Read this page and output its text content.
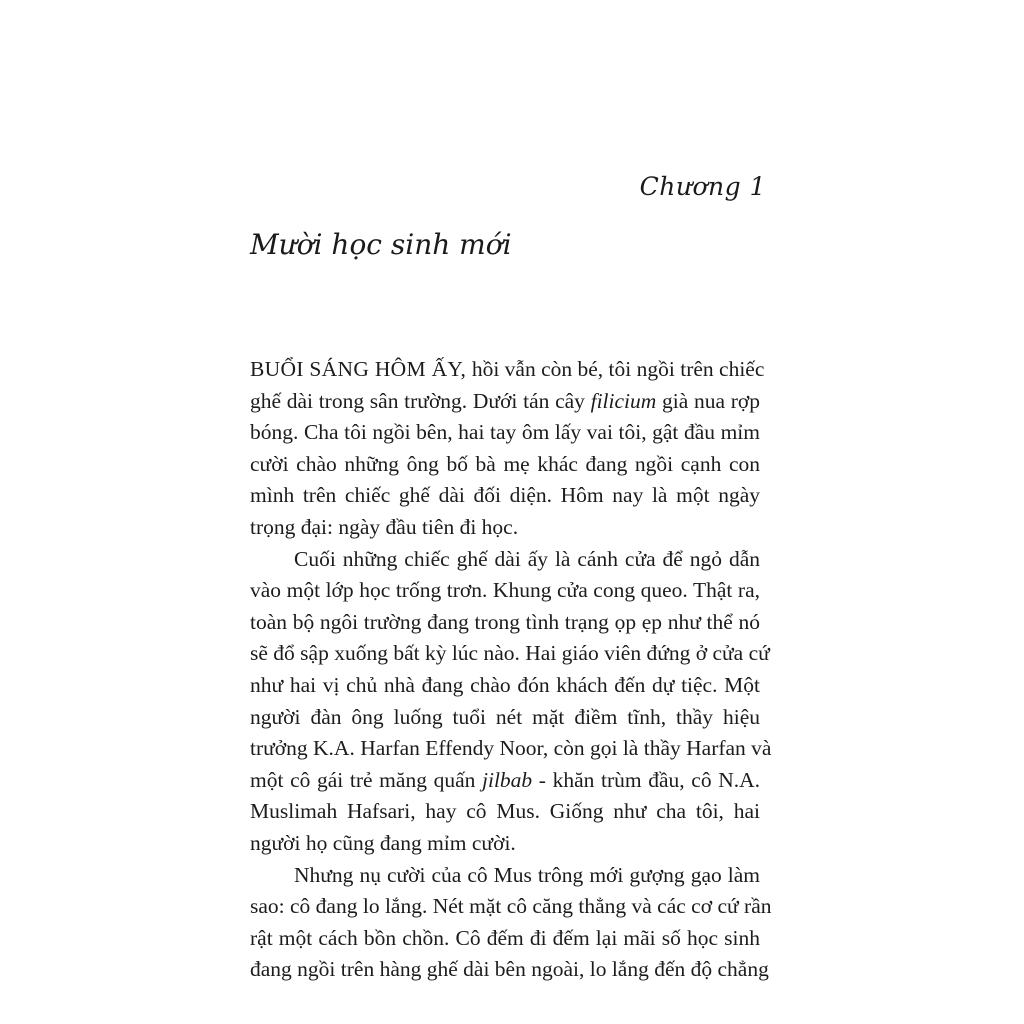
Chương 1
Mười học sinh mới
BUỔI SÁNG HÔM ẤY, hồi vẫn còn bé, tôi ngồi trên chiếc
ghế dài trong sân trường. Dưới tán cây filicium già nua rợp
bóng. Cha tôi ngồi bên, hai tay ôm lấy vai tôi, gật đầu mỉm
cười chào những ông bố bà mẹ khác đang ngồi cạnh con
mình trên chiếc ghế dài đối diện. Hôm nay là một ngày
trọng đại: ngày đầu tiên đi học.
Cuối những chiếc ghế dài ấy là cánh cửa để ngỏ dẫn
vào một lớp học trống trơn. Khung cửa cong queo. Thật ra,
toàn bộ ngôi trường đang trong tình trạng ọp ẹp như thể nó
sẽ đổ sập xuống bất kỳ lúc nào. Hai giáo viên đứng ở cửa cứ
như hai vị chủ nhà đang chào đón khách đến dự tiệc. Một
người đàn ông luống tuổi nét mặt điềm tĩnh, thầy hiệu
trưởng K.A. Harfan Effendy Noor, còn gọi là thầy Harfan và
một cô gái trẻ măng quấn jilbab - khăn trùm đầu, cô N.A.
Muslimah Hafsari, hay cô Mus. Giống như cha tôi, hai
người họ cũng đang mỉm cười.
Nhưng nụ cười của cô Mus trông mới gượng gạo làm
sao: cô đang lo lắng. Nét mặt cô căng thẳng và các cơ cứ rần
rật một cách bồn chồn. Cô đếm đi đếm lại mãi số học sinh
đang ngồi trên hàng ghế dài bên ngoài, lo lắng đến độ chẳng
